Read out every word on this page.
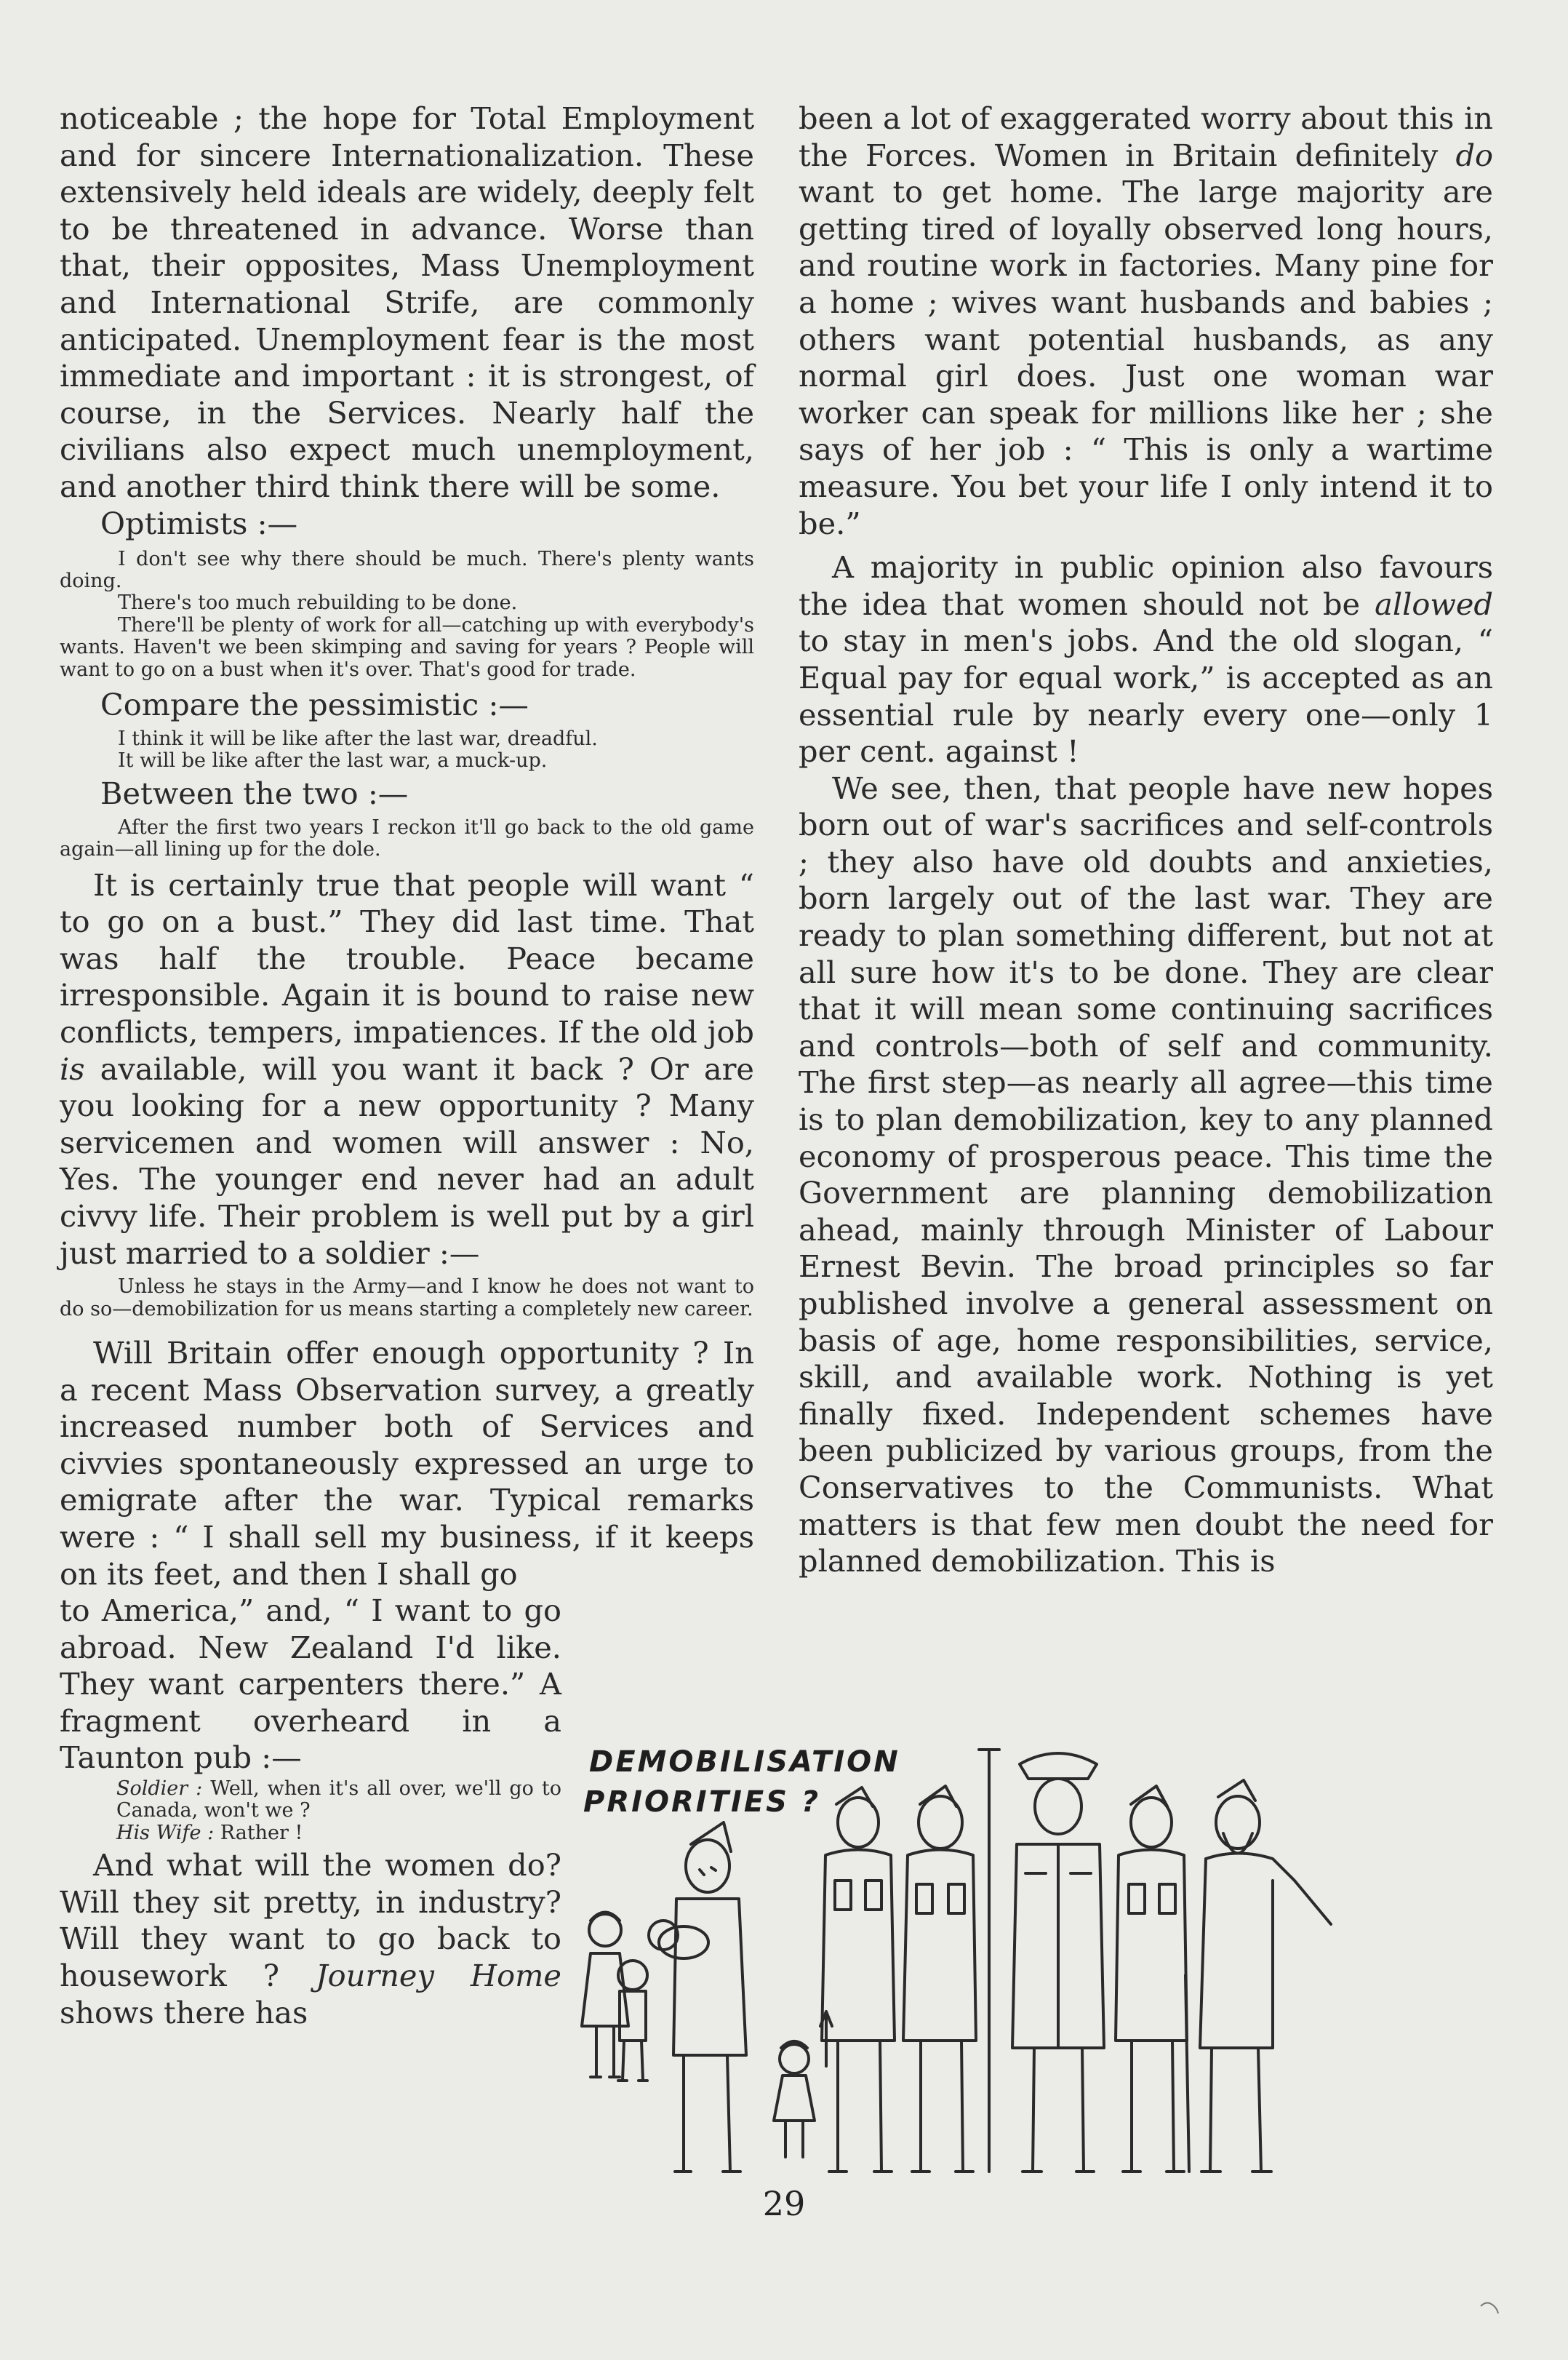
noticeable ; the hope for Total Employment and for sincere Internationalization. These extensively held ideals are widely, deeply felt to be threatened in advance. Worse than that, their opposites, Mass Unemployment and International Strife, are commonly anticipated. Unemployment fear is the most immediate and important : it is strongest, of course, in the Services. Nearly half the civilians also expect much unemployment, and another third think there will be some.

Optimists :—

I don't see why there should be much. There's plenty wants doing.

There's too much rebuilding to be done.

There'll be plenty of work for all—catching up with everybody's wants. Haven't we been skimping and saving for years ? People will want to go on a bust when it's over. That's good for trade.

Compare the pessimistic :—

I think it will be like after the last war, dreadful.

It will be like after the last war, a muck-up.

Between the two :—

After the first two years I reckon it'll go back to the old game again—all lining up for the dole.

It is certainly true that people will want “ to go on a bust.” They did last time. That was half the trouble. Peace became irresponsible. Again it is bound to raise new conflicts, tempers, impatiences. If the old job is available, will you want it back ? Or are you looking for a new opportunity ? Many servicemen and women will answer : No, Yes. The younger end never had an adult civvy life. Their problem is well put by a girl just married to a soldier :—

Unless he stays in the Army—and I know he does not want to do so—demobilization for us means starting a completely new career.

Will Britain offer enough opportunity ? In a recent Mass Observation survey, a greatly increased number both of Services and civvies spontaneously expressed an urge to emigrate after the war. Typical remarks were : “ I shall sell my business, if it keeps on its feet, and then I shall go

to America,” and, “ I want to go abroad. New Zealand I'd like. They want carpenters there.” A fragment overheard in a Taunton pub :—

Soldier : Well, when it's all over, we'll go to Canada, won't we ?

His Wife : Rather !

And what will the women do? Will they sit pretty, in industry? Will they want to go back to housework ? Journey Home shows there has

been a lot of exaggerated worry about this in the Forces. Women in Britain definitely do want to get home. The large majority are getting tired of loyally observed long hours, and routine work in factories. Many pine for a home ; wives want husbands and babies ; others want potential husbands, as any normal girl does. Just one woman war worker can speak for millions like her ; she says of her job : “ This is only a wartime measure. You bet your life I only intend it to be.”

A majority in public opinion also favours the idea that women should not be allowed to stay in men's jobs. And the old slogan, “ Equal pay for equal work,” is accepted as an essential rule by nearly every one—only 1 per cent. against !

We see, then, that people have new hopes born out of war's sacrifices and self-controls ; they also have old doubts and anxieties, born largely out of the last war. They are ready to plan something different, but not at all sure how it's to be done. They are clear that it will mean some continuing sacrifices and controls—both of self and community. The first step—as nearly all agree—this time is to plan demobilization, key to any planned economy of prosperous peace. This time the Government are planning demobilization ahead, mainly through Minister of Labour Ernest Bevin. The broad principles so far published involve a general assessment on basis of age, home responsibilities, service, skill, and available work. Nothing is yet finally fixed. Independent schemes have been publicized by various groups, from the Conservatives to the Communists. What matters is that few men doubt the need for planned demobilization. This is

DEMOBILISATION
PRIORITIES ?
29
